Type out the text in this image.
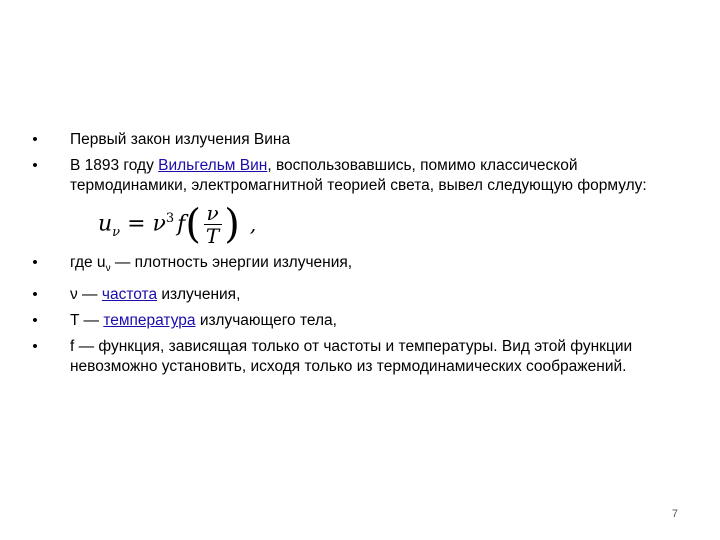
• Первый закон излучения Вина
• В 1893 году Вильгельм Вин, воспользовавшись, помимо классической термодинамики, электромагнитной теорией света, вывел следующую $формулу:u_\nu = \nu^3$ $f( \frac{\nu}{T}$ ) ,
• где $u_\nu$ — плотность энергии излучения,
• ν — частота излучения,
• T — температура излучающего тела,
• f — функция, зависящая только от частоты и температуры. Вид этой функции невозможно установить, исходя только из термодинамических соображений.
7
